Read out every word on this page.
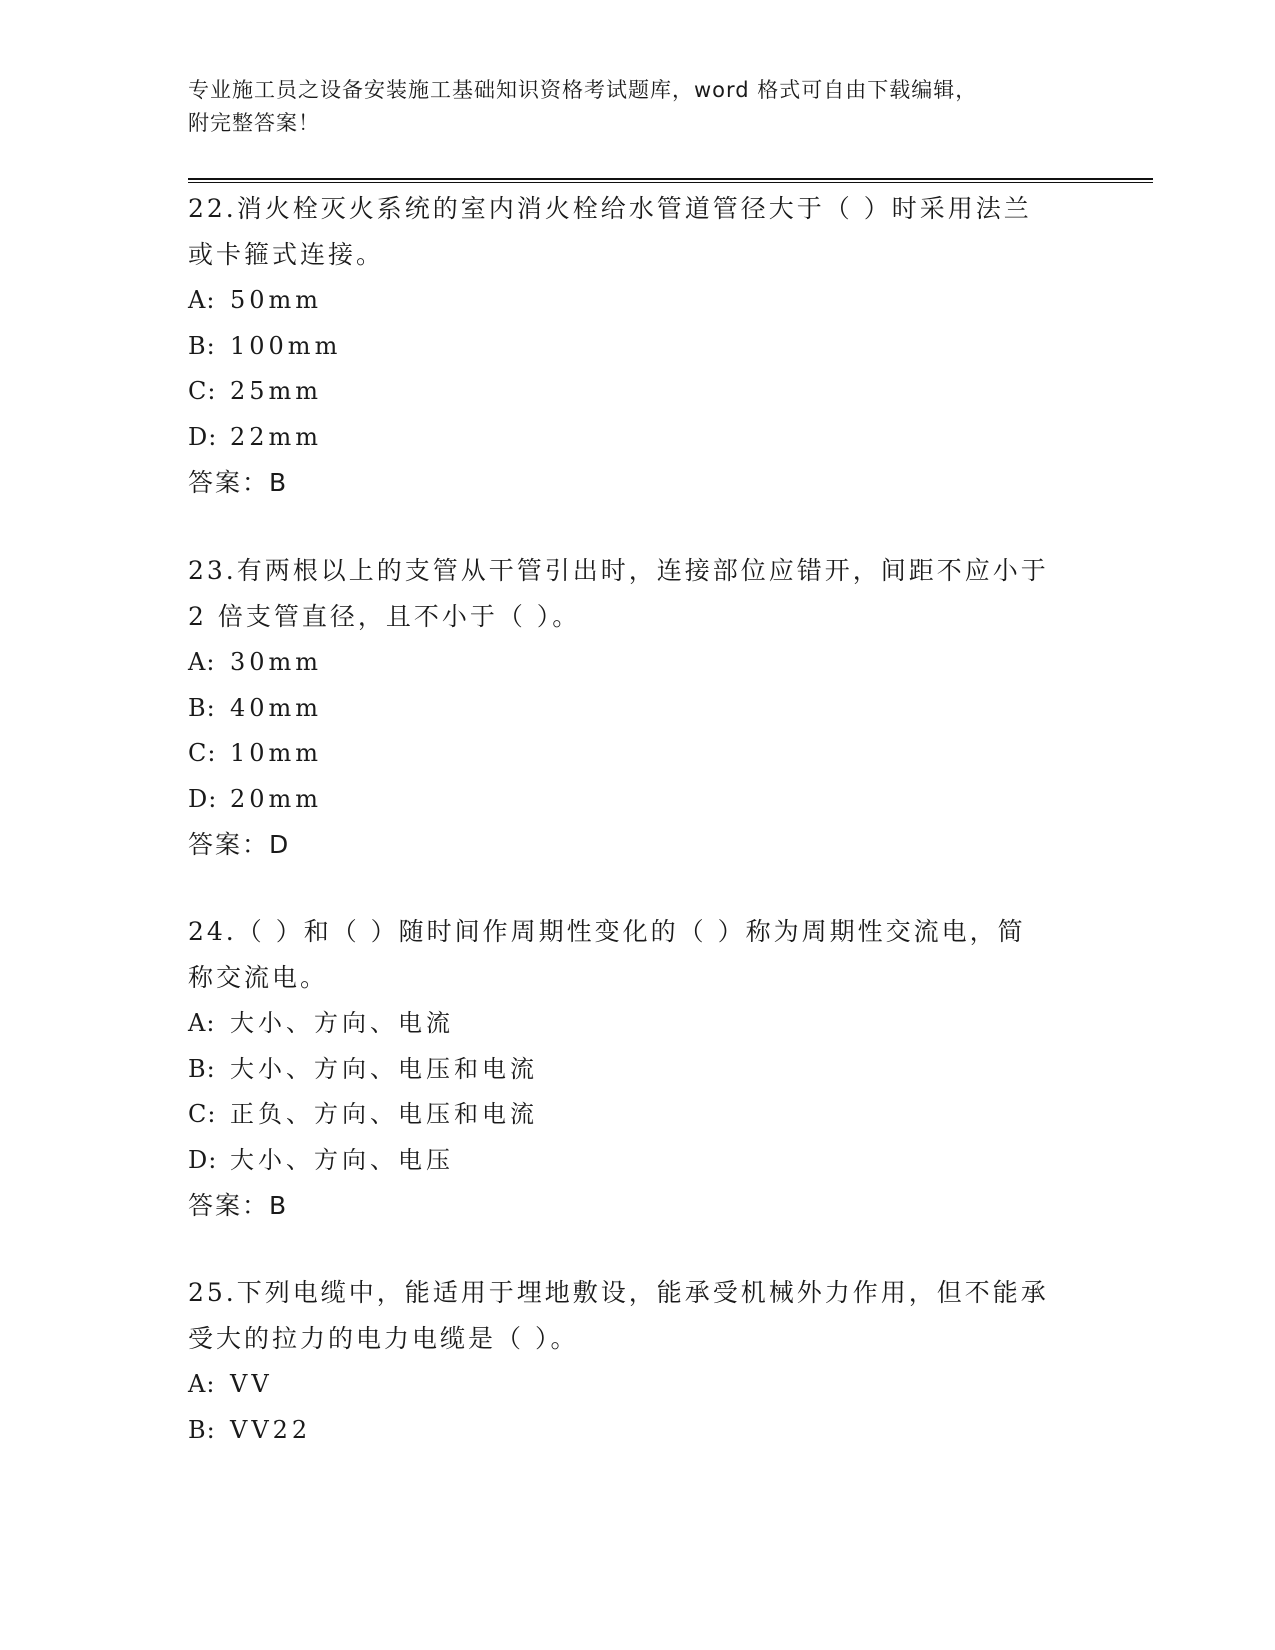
专业施工员之设备安装施工基础知识资格考试题库，word 格式可自由下载编辑，
附完整答案！
22.消火栓灭火系统的室内消火栓给水管道管径大于（ ）时采用法兰
或卡箍式连接。
A: 50mm
B: 100mm
C: 25mm
D: 22mm
答案：B
23.有两根以上的支管从干管引出时，连接部位应错开，间距不应小于
2 倍支管直径，且不小于（ ）。
A: 30mm
B: 40mm
C: 10mm
D: 20mm
答案：D
24.（ ）和（ ）随时间作周期性变化的（ ）称为周期性交流电，简
称交流电。
A: 大小、方向、电流
B: 大小、方向、电压和电流
C: 正负、方向、电压和电流
D: 大小、方向、电压
答案：B
25.下列电缆中，能适用于埋地敷设，能承受机械外力作用，但不能承
受大的拉力的电力电缆是（ ）。
A: VV
B: VV22
